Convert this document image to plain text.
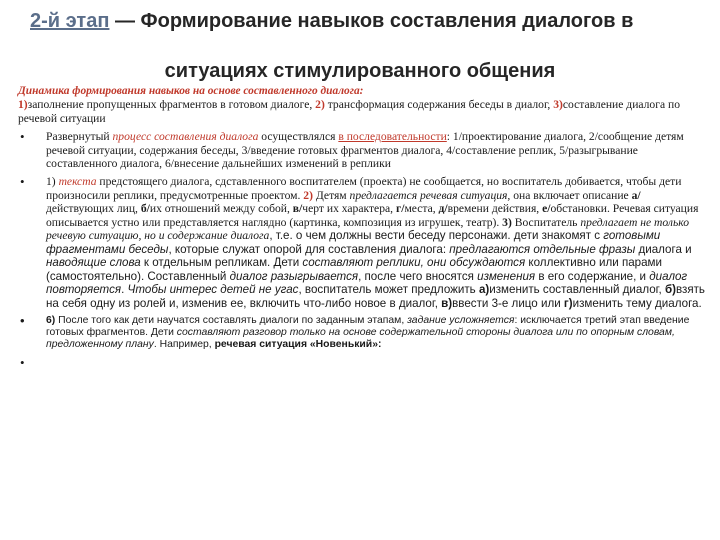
2-й этап — Формирование навыков составления диалогов в
ситуациях стимулированного общения

Динамика формирования навыков на основе составленного диалога:
1)заполнение пропущенных фрагментов в готовом диалоге, 2) трансформация содержания беседы в диалог, 3)составление диалога по речевой ситуации

• Развернутый процесс составления диалога осуществлялся в последовательности: 1/проектирование диалога, 2/сообщение детям речевой ситуации, содержания беседы, 3/введение готовых фрагментов диалога, 4/составление реплик, 5/разыгрывание составленного диалога, 6/внесение дальнейших изменений в реплики
• 1) текста предстоящего диалога, сдставленного воспитателем (проекта) не сообщается, но воспитатель добивается, чтобы дети произносили реплики, предусмотренные проектом. 2) Детям предлагается речевая ситуация, она включает описание а/действующих лиц, б/их отношений между собой, в/черт их характера, г/места, д/времени действия, е/обстановки. Речевая ситуация описывается устно или представляется наглядно (картинка, композиция из игрушек, театр). 3) Воспитатель предлагает не только речевую ситуацию, но и содержание диалога, т.е. о чем должны вести беседу персонажи. дети знакомят с готовыми фрагментами беседы, которые служат опорой для составления диалога: предлагаются отдельные фразы диалога и наводящие слова к отдельным репликам. Дети составляют реплики, они обсуждаются коллективно или парами (самостоятельно). Составленный диалог разыгрывается, после чего вносятся изменения в его содержание, и диалог повторяется. Чтобы интерес детей не угас, воспитатель может предложить а)изменить составленный диалог, б)взять на себя одну из ролей и, изменив ее, включить что-либо новое в диалог, в)ввести 3-е лицо или г)изменить тему диалога.
• 6) После того как дети научатся составлять диалоги по заданным этапам, задание усложняется: исключается третий этап введение готовых фрагментов. Дети составляют разговор только на основе содержательной стороны диалога или по опорным словам, предложенному плану. Например, речевая ситуация «Новенький»:
•
